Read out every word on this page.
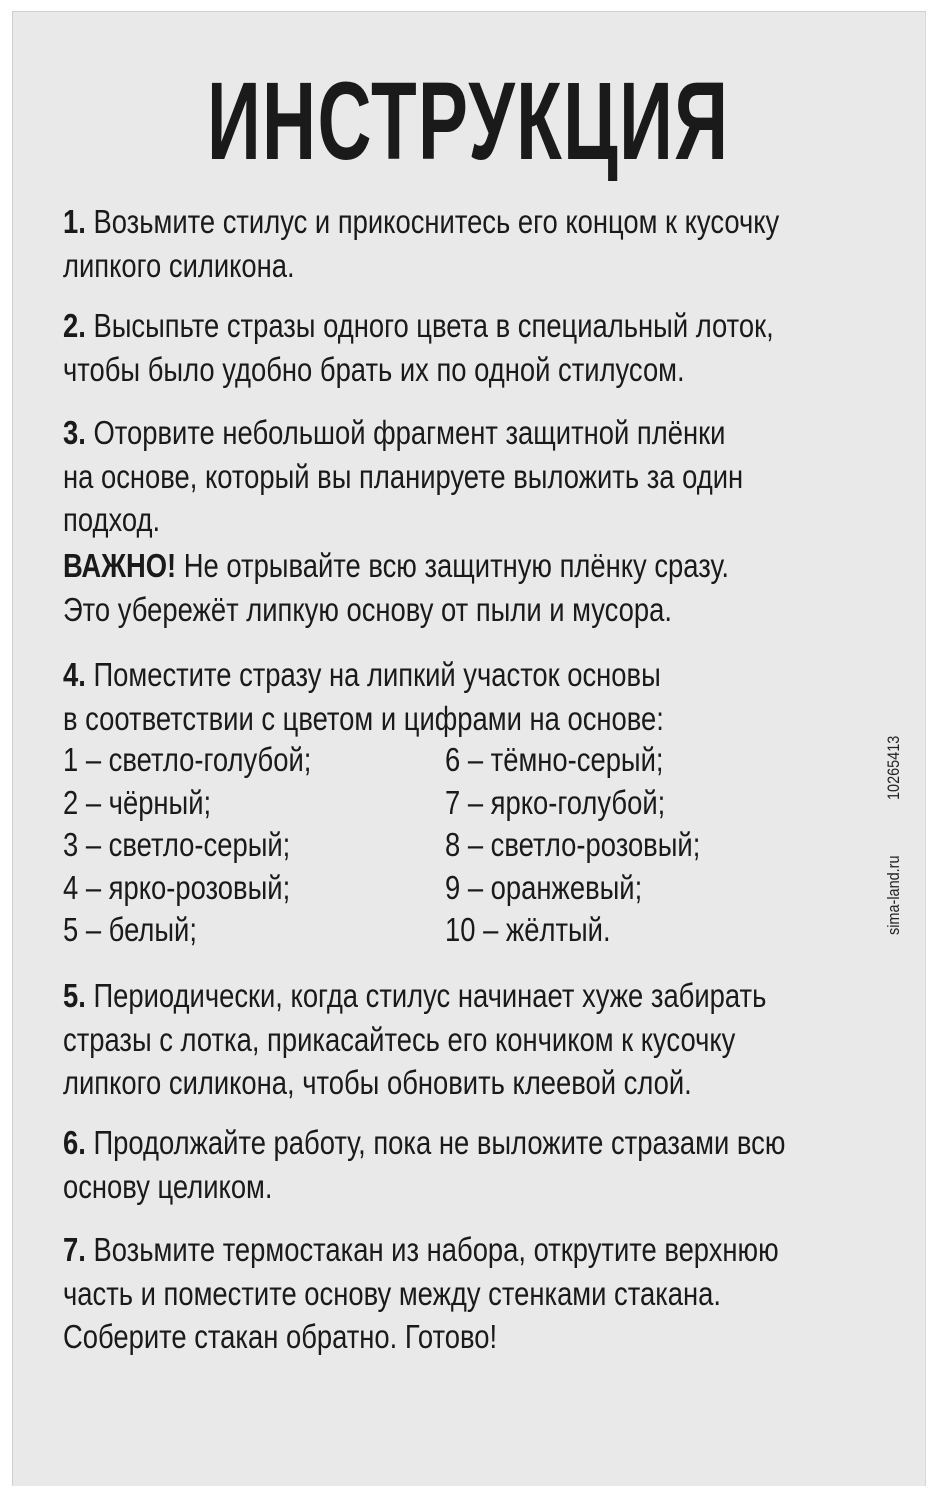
ИНСТРУКЦИЯ
1. Возьмите стилус и прикоснитесь его концом к кусочку
липкого силикона.
2. Высыпьте стразы одного цвета в специальный лоток,
чтобы было удобно брать их по одной стилусом.
3. Оторвите небольшой фрагмент защитной плёнки
на основе, который вы планируете выложить за один
подход.
ВАЖНО! Не отрывайте всю защитную плёнку сразу.
Это убережёт липкую основу от пыли и мусора.
4. Поместите стразу на липкий участок основы
в соответствии с цветом и цифрами на основе:
5. Периодически, когда стилус начинает хуже забирать
стразы с лотка, прикасайтесь его кончиком к кусочку
липкого силикона, чтобы обновить клеевой слой.
6. Продолжайте работу, пока не выложите стразами всю
основу целиком.
7. Возьмите термостакан из набора, открутите верхнюю
часть и поместите основу между стенками стакана.
Соберите стакан обратно. Готово!
1 – светло-голубой;
2 – чёрный;
3 – светло-серый;
4 – ярко-розовый;
5 – белый;
6 – тёмно-серый;
7 – ярко-голубой;
8 – светло-розовый;
9 – оранжевый;
10 – жёлтый.
10265413
sima-land.ru
